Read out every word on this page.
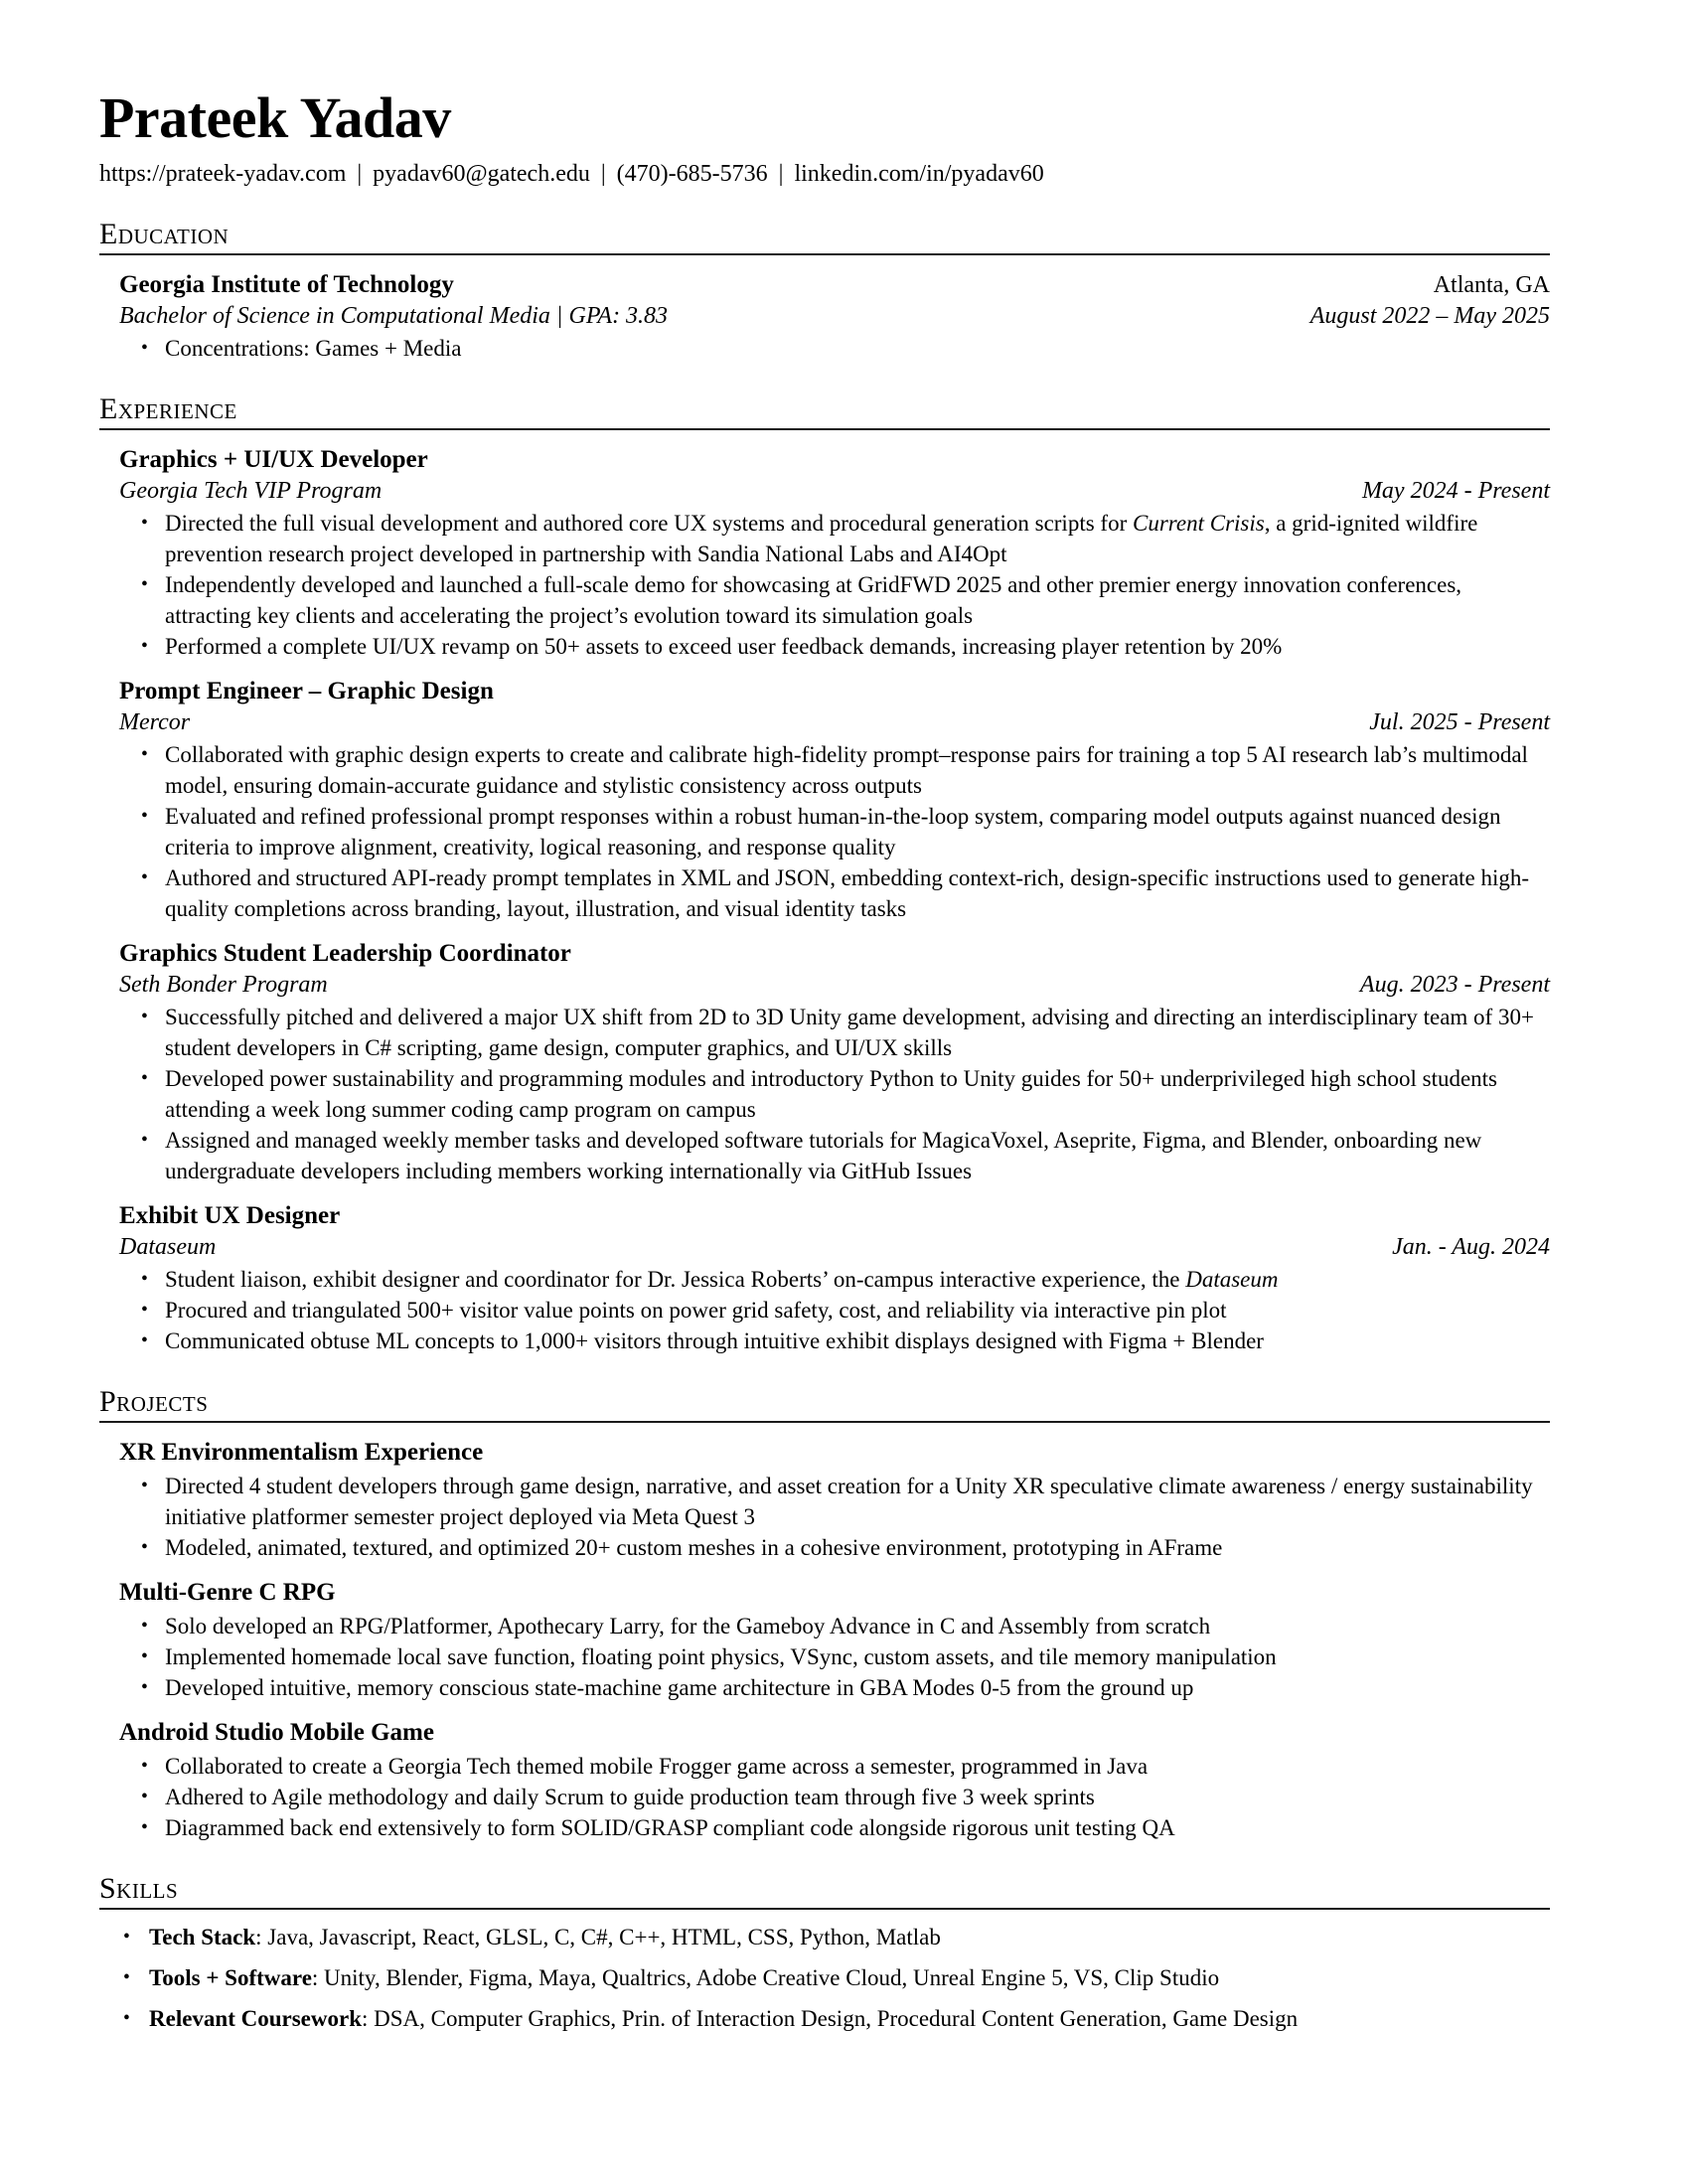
Prateek Yadav
https://prateek-yadav.com | pyadav60@gatech.edu | (470)-685-5736 | linkedin.com/in/pyadav60
Education
Georgia Institute of Technology	Atlanta, GA
Bachelor of Science in Computational Media | GPA: 3.83	August 2022 – May 2025
• Concentrations: Games + Media
Experience
Graphics + UI/UX Developer
Georgia Tech VIP Program	May 2024 - Present
• Directed the full visual development and authored core UX systems and procedural generation scripts for Current Crisis, a grid-ignited wildfire prevention research project developed in partnership with Sandia National Labs and AI4Opt
• Independently developed and launched a full-scale demo for showcasing at GridFWD 2025 and other premier energy innovation conferences, attracting key clients and accelerating the project’s evolution toward its simulation goals
• Performed a complete UI/UX revamp on 50+ assets to exceed user feedback demands, increasing player retention by 20%
Prompt Engineer – Graphic Design
Mercor	Jul. 2025 - Present
• Collaborated with graphic design experts to create and calibrate high-fidelity prompt–response pairs for training a top 5 AI research lab’s multimodal model, ensuring domain-accurate guidance and stylistic consistency across outputs
• Evaluated and refined professional prompt responses within a robust human-in-the-loop system, comparing model outputs against nuanced design criteria to improve alignment, creativity, logical reasoning, and response quality
• Authored and structured API-ready prompt templates in XML and JSON, embedding context-rich, design-specific instructions used to generate high-quality completions across branding, layout, illustration, and visual identity tasks
Graphics Student Leadership Coordinator
Seth Bonder Program	Aug. 2023 - Present
• Successfully pitched and delivered a major UX shift from 2D to 3D Unity game development, advising and directing an interdisciplinary team of 30+ student developers in C# scripting, game design, computer graphics, and UI/UX skills
• Developed power sustainability and programming modules and introductory Python to Unity guides for 50+ underprivileged high school students attending a week long summer coding camp program on campus
• Assigned and managed weekly member tasks and developed software tutorials for MagicaVoxel, Aseprite, Figma, and Blender, onboarding new undergraduate developers including members working internationally via GitHub Issues
Exhibit UX Designer
Dataseum	Jan. - Aug. 2024
• Student liaison, exhibit designer and coordinator for Dr. Jessica Roberts’ on-campus interactive experience, the Dataseum
• Procured and triangulated 500+ visitor value points on power grid safety, cost, and reliability via interactive pin plot
• Communicated obtuse ML concepts to 1,000+ visitors through intuitive exhibit displays designed with Figma + Blender
Projects
XR Environmentalism Experience
• Directed 4 student developers through game design, narrative, and asset creation for a Unity XR speculative climate awareness / energy sustainability initiative platformer semester project deployed via Meta Quest 3
• Modeled, animated, textured, and optimized 20+ custom meshes in a cohesive environment, prototyping in AFrame
Multi-Genre C RPG
• Solo developed an RPG/Platformer, Apothecary Larry, for the Gameboy Advance in C and Assembly from scratch
• Implemented homemade local save function, floating point physics, VSync, custom assets, and tile memory manipulation
• Developed intuitive, memory conscious state-machine game architecture in GBA Modes 0-5 from the ground up
Android Studio Mobile Game
• Collaborated to create a Georgia Tech themed mobile Frogger game across a semester, programmed in Java
• Adhered to Agile methodology and daily Scrum to guide production team through five 3 week sprints
• Diagrammed back end extensively to form SOLID/GRASP compliant code alongside rigorous unit testing QA
Skills
• Tech Stack: Java, Javascript, React, GLSL, C, C#, C++, HTML, CSS, Python, Matlab
• Tools + Software: Unity, Blender, Figma, Maya, Qualtrics, Adobe Creative Cloud, Unreal Engine 5, VS, Clip Studio
• Relevant Coursework: DSA, Computer Graphics, Prin. of Interaction Design, Procedural Content Generation, Game Design
